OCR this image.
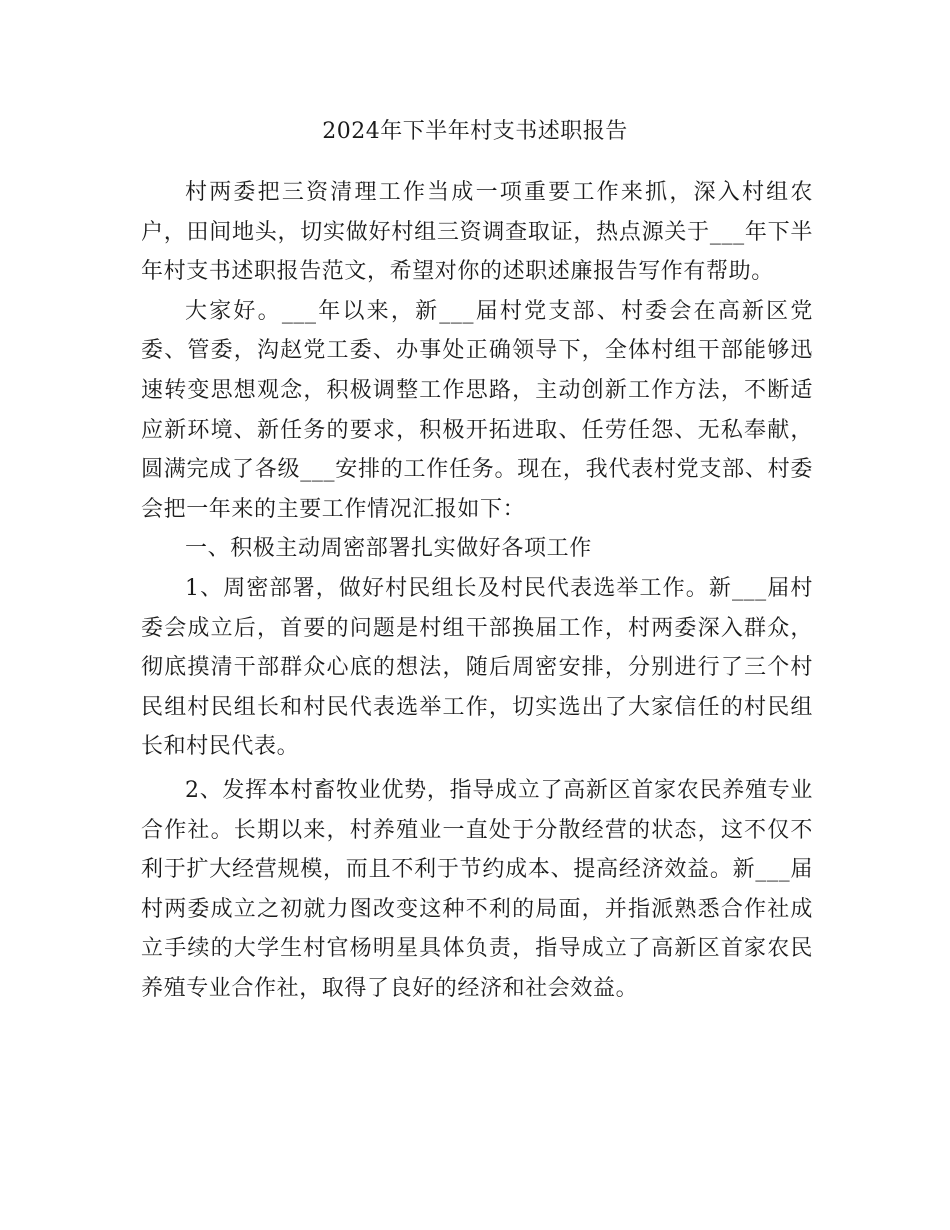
2024年下半年村支书述职报告

村两委把三资清理工作当成一项重要工作来抓，深入村组农户，田间地头，切实做好村组三资调查取证，热点源关于___年下半年村支书述职报告范文，希望对你的述职述廉报告写作有帮助。

大家好。___年以来，新___届村党支部、村委会在高新区党委、管委，沟赵党工委、办事处正确领导下，全体村组干部能够迅速转变思想观念，积极调整工作思路，主动创新工作方法，不断适应新环境、新任务的要求，积极开拓进取、任劳任怨、无私奉献，圆满完成了各级___安排的工作任务。现在，我代表村党支部、村委会把一年来的主要工作情况汇报如下：

一、积极主动周密部署扎实做好各项工作

1、周密部署，做好村民组长及村民代表选举工作。新___届村委会成立后，首要的问题是村组干部换届工作，村两委深入群众，彻底摸清干部群众心底的想法，随后周密安排，分别进行了三个村民组村民组长和村民代表选举工作，切实选出了大家信任的村民组长和村民代表。

2、发挥本村畜牧业优势，指导成立了高新区首家农民养殖专业合作社。长期以来，村养殖业一直处于分散经营的状态，这不仅不利于扩大经营规模，而且不利于节约成本、提高经济效益。新___届村两委成立之初就力图改变这种不利的局面，并指派熟悉合作社成立手续的大学生村官杨明星具体负责，指导成立了高新区首家农民养殖专业合作社，取得了良好的经济和社会效益。
